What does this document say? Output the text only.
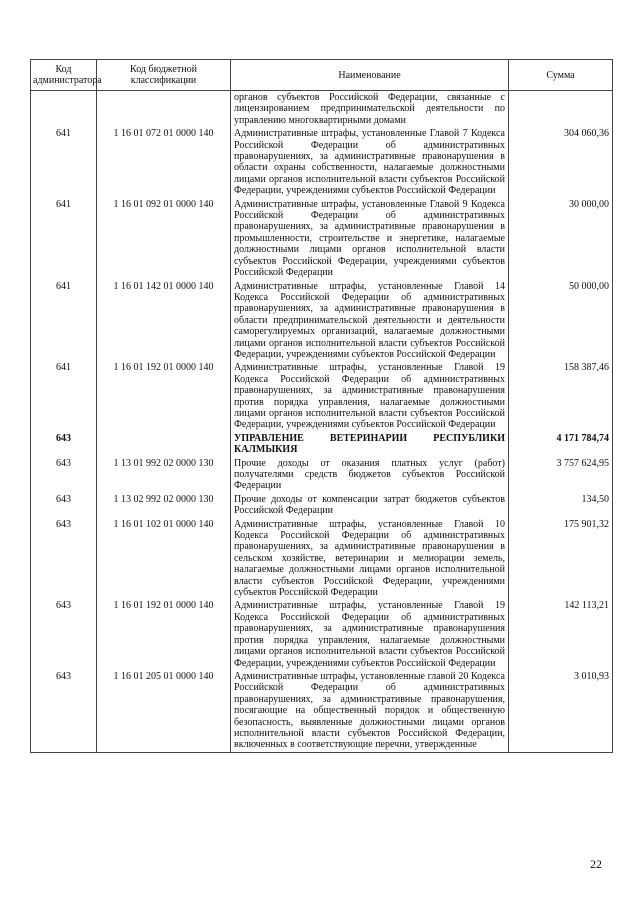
Код администратора	Код бюджетной классификации	Наименование	Сумма
		органов субъектов Российской Федерации, связанные с лицензированием предпринимательской деятельности по управлению многоквартирными домами	
641	1 16 01 072 01 0000 140	Административные штрафы, установленные Главой 7 Кодекса Российской Федерации об административных правонарушениях, за административные правонарушения в области охраны собственности, налагаемые должностными лицами органов исполнительной власти субъектов Российской Федерации, учреждениями субъектов Российской Федерации	304 060,36
641	1 16 01 092 01 0000 140	Административные штрафы, установленные Главой 9 Кодекса Российской Федерации об административных правонарушениях, за административные правонарушения в промышленности, строительстве и энергетике, налагаемые должностными лицами органов исполнительной власти субъектов Российской Федерации, учреждениями субъектов Российской Федерации	30 000,00
641	1 16 01 142 01 0000 140	Административные штрафы, установленные Главой 14 Кодекса Российской Федерации об административных правонарушениях, за административные правонарушения в области предпринимательской деятельности и деятельности саморегулируемых организаций, налагаемые должностными лицами органов исполнительной власти субъектов Российской Федерации, учреждениями субъектов Российской Федерации	50 000,00
641	1 16 01 192 01 0000 140	Административные штрафы, установленные Главой 19 Кодекса Российской Федерации об административных правонарушениях, за административные правонарушения против порядка управления, налагаемые должностными лицами органов исполнительной власти субъектов Российской Федерации, учреждениями субъектов Российской Федерации	158 387,46
643		УПРАВЛЕНИЕ ВЕТЕРИНАРИИ РЕСПУБЛИКИ КАЛМЫКИЯ	4 171 784,74
643	1 13 01 992 02 0000 130	Прочие доходы от оказания платных услуг (работ) получателями средств бюджетов субъектов Российской Федерации	3 757 624,95
643	1 13 02 992 02 0000 130	Прочие доходы от компенсации затрат бюджетов субъектов Российской Федерации	134,50
643	1 16 01 102 01 0000 140	Административные штрафы, установленные Главой 10 Кодекса Российской Федерации об административных правонарушениях, за административные правонарушения в сельском хозяйстве, ветеринарии и мелиорации земель, налагаемые должностными лицами органов исполнительной власти субъектов Российской Федерации, учреждениями субъектов Российской Федерации	175 901,32
643	1 16 01 192 01 0000 140	Административные штрафы, установленные Главой 19 Кодекса Российской Федерации об административных правонарушениях, за административные правонарушения против порядка управления, налагаемые должностными лицами органов исполнительной власти субъектов Российской Федерации, учреждениями субъектов Российской Федерации	142 113,21
643	1 16 01 205 01 0000 140	Административные штрафы, установленные главой 20 Кодекса Российской Федерации об административных правонарушениях, за административные правонарушения, посягающие на общественный порядок и общественную безопасность, выявленные должностными лицами органов исполнительной власти субъектов Российской Федерации, включенных в соответствующие перечни, утвержденные	3 010,93
22
